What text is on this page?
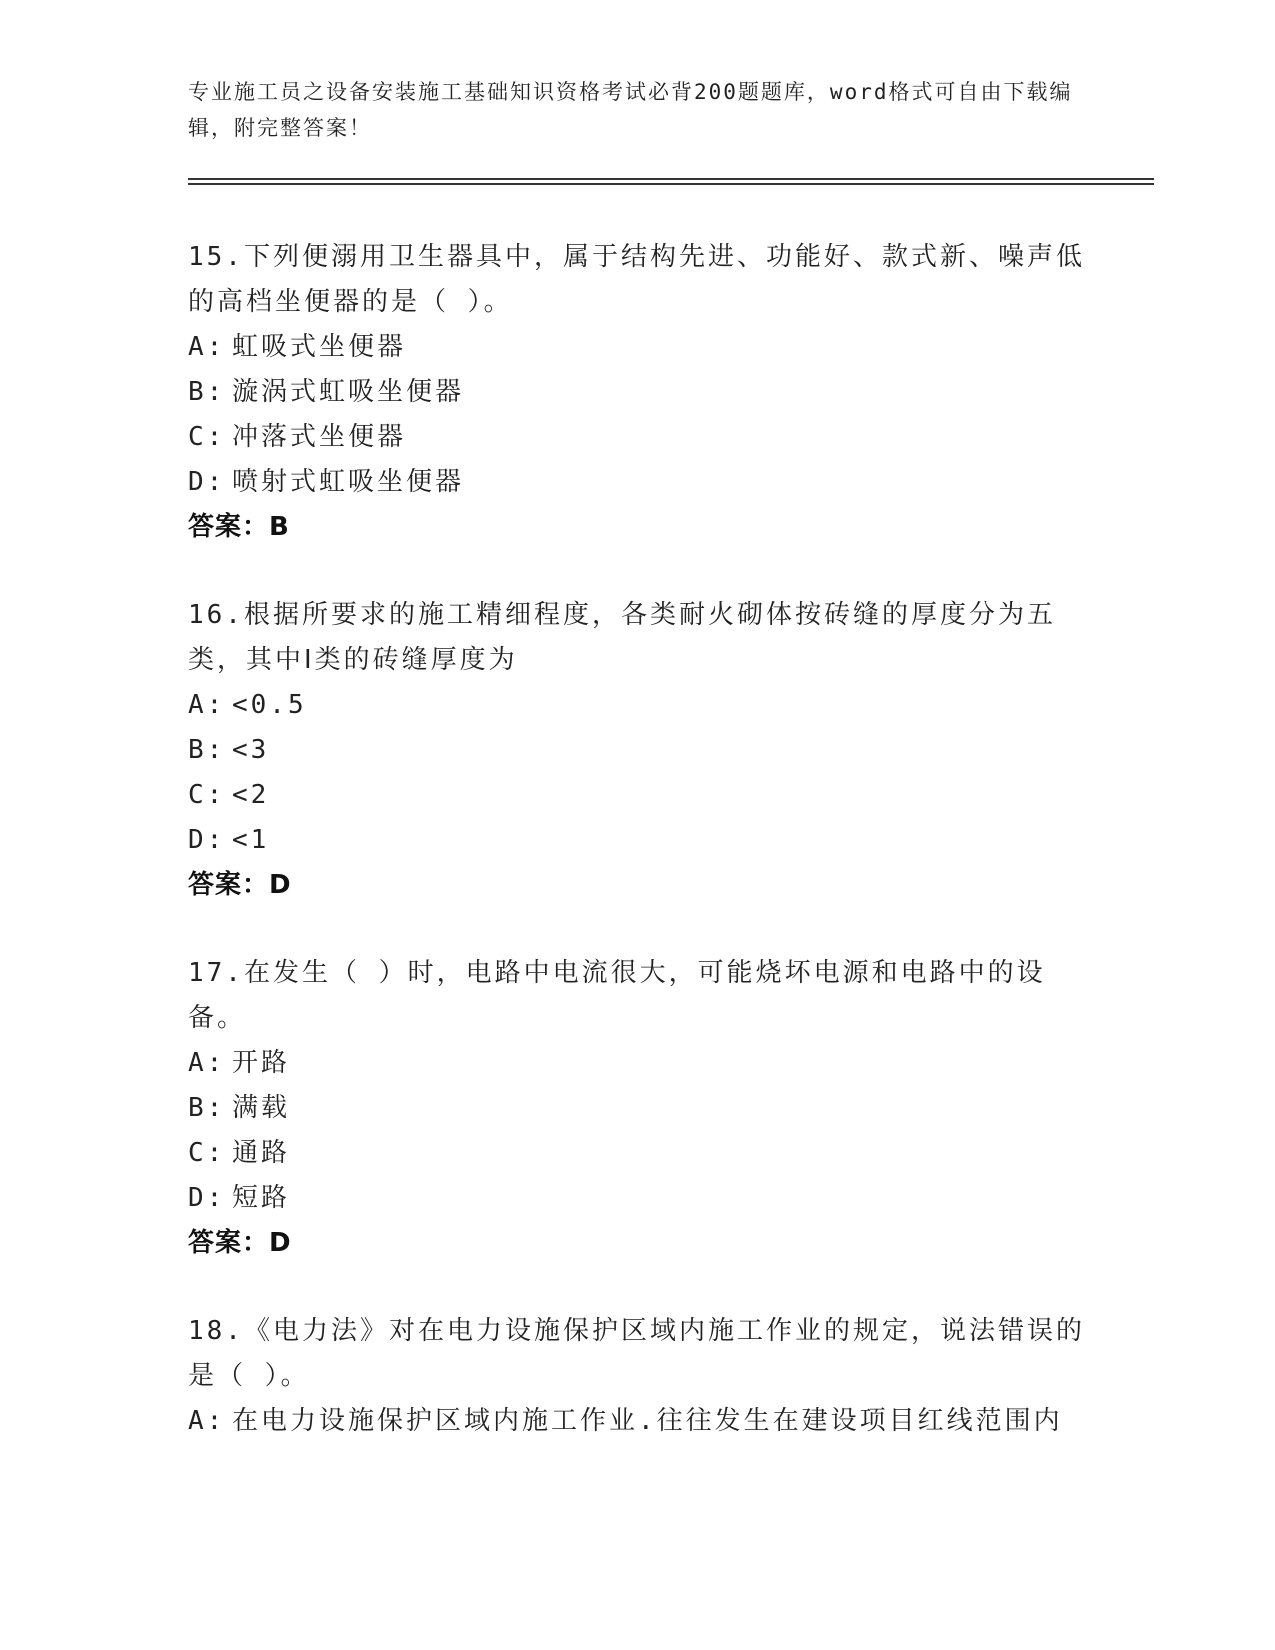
专业施工员之设备安装施工基础知识资格考试必背200题题库，word格式可自由下载编辑，附完整答案！

15.下列便溺用卫生器具中，属于结构先进、功能好、款式新、噪声低的高档坐便器的是（ ）。

A: 虹吸式坐便器

B: 漩涡式虹吸坐便器

C: 冲落式坐便器

D: 喷射式虹吸坐便器

答案：B

16.根据所要求的施工精细程度，各类耐火砌体按砖缝的厚度分为五类，其中Ⅰ类的砖缝厚度为

A: <0.5

B: <3

C: <2

D: <1

答案：D

17.在发生（ ）时，电路中电流很大，可能烧坏电源和电路中的设备。

A: 开路

B: 满载

C: 通路

D: 短路

答案：D

18.《电力法》对在电力设施保护区域内施工作业的规定，说法错误的是（ ）。

A: 在电力设施保护区域内施工作业.往往发生在建设项目红线范围内
